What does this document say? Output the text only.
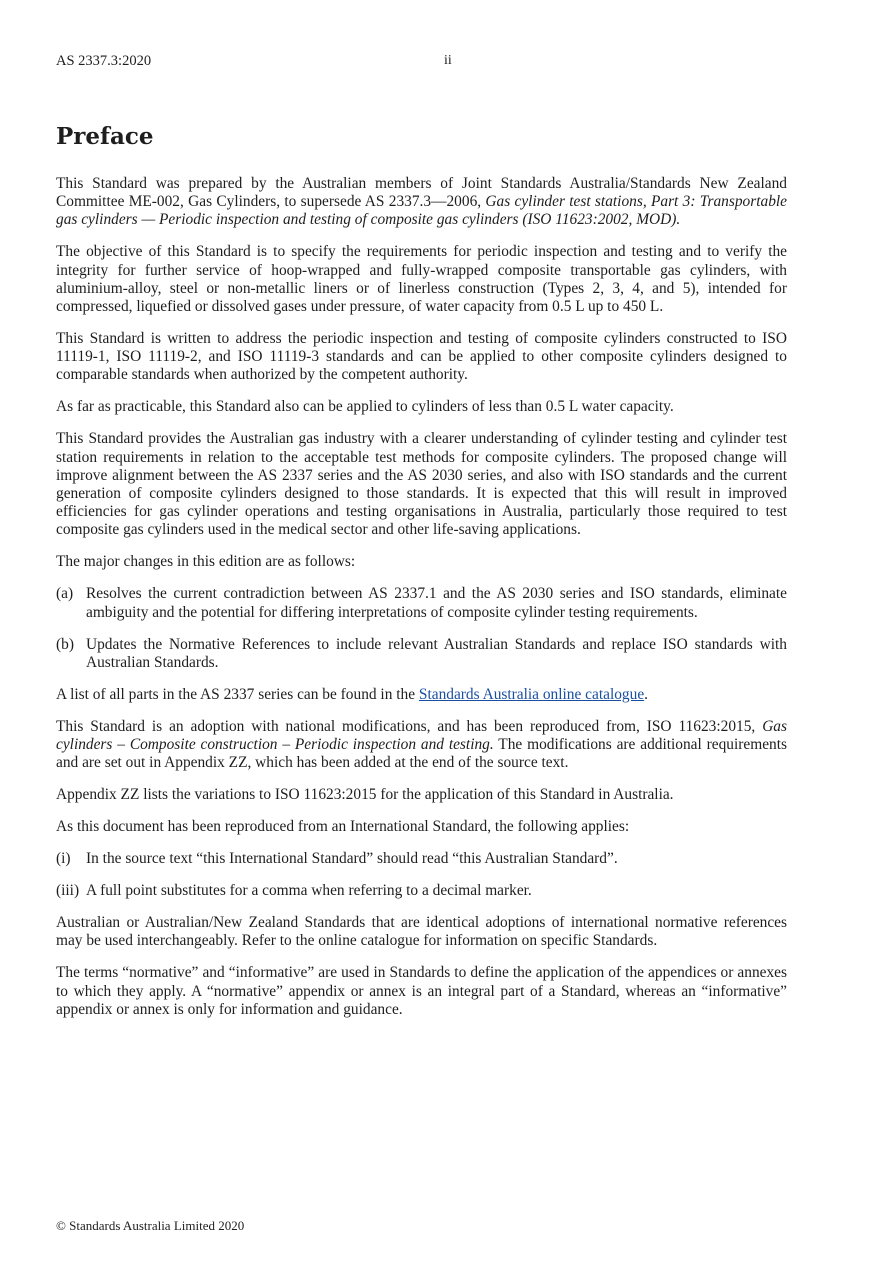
AS 2337.3:2020	ii
Preface

This Standard was prepared by the Australian members of Joint Standards Australia/Standards New Zealand Committee ME-002, Gas Cylinders, to supersede AS 2337.3—2006, Gas cylinder test stations, Part 3: Transportable gas cylinders — Periodic inspection and testing of composite gas cylinders (ISO 11623:2002, MOD).

The objective of this Standard is to specify the requirements for periodic inspection and testing and to verify the integrity for further service of hoop-wrapped and fully-wrapped composite transportable gas cylinders, with aluminium-alloy, steel or non-metallic liners or of linerless construction (Types 2, 3, 4, and 5), intended for compressed, liquefied or dissolved gases under pressure, of water capacity from 0.5 L up to 450 L.

This Standard is written to address the periodic inspection and testing of composite cylinders constructed to ISO 11119-1, ISO 11119-2, and ISO 11119-3 standards and can be applied to other composite cylinders designed to comparable standards when authorized by the competent authority.

As far as practicable, this Standard also can be applied to cylinders of less than 0.5 L water capacity.

This Standard provides the Australian gas industry with a clearer understanding of cylinder testing and cylinder test station requirements in relation to the acceptable test methods for composite cylinders. The proposed change will improve alignment between the AS 2337 series and the AS 2030 series, and also with ISO standards and the current generation of composite cylinders designed to those standards. It is expected that this will result in improved efficiencies for gas cylinder operations and testing organisations in Australia, particularly those required to test composite gas cylinders used in the medical sector and other life-saving applications.

The major changes in this edition are as follows:

(a) Resolves the current contradiction between AS 2337.1 and the AS 2030 series and ISO standards, eliminate ambiguity and the potential for differing interpretations of composite cylinder testing requirements.
(b) Updates the Normative References to include relevant Australian Standards and replace ISO standards with Australian Standards.

A list of all parts in the AS 2337 series can be found in the Standards Australia online catalogue.

This Standard is an adoption with national modifications, and has been reproduced from, ISO 11623:2015, Gas cylinders – Composite construction – Periodic inspection and testing. The modifications are additional requirements and are set out in Appendix ZZ, which has been added at the end of the source text.

Appendix ZZ lists the variations to ISO 11623:2015 for the application of this Standard in Australia.

As this document has been reproduced from an International Standard, the following applies:

(i) In the source text “this International Standard” should read “this Australian Standard”.
(iii) A full point substitutes for a comma when referring to a decimal marker.

Australian or Australian/New Zealand Standards that are identical adoptions of international normative references may be used interchangeably. Refer to the online catalogue for information on specific Standards.

The terms “normative” and “informative” are used in Standards to define the application of the appendices or annexes to which they apply. A “normative” appendix or annex is an integral part of a Standard, whereas an “informative” appendix or annex is only for information and guidance.

© Standards Australia Limited 2020
